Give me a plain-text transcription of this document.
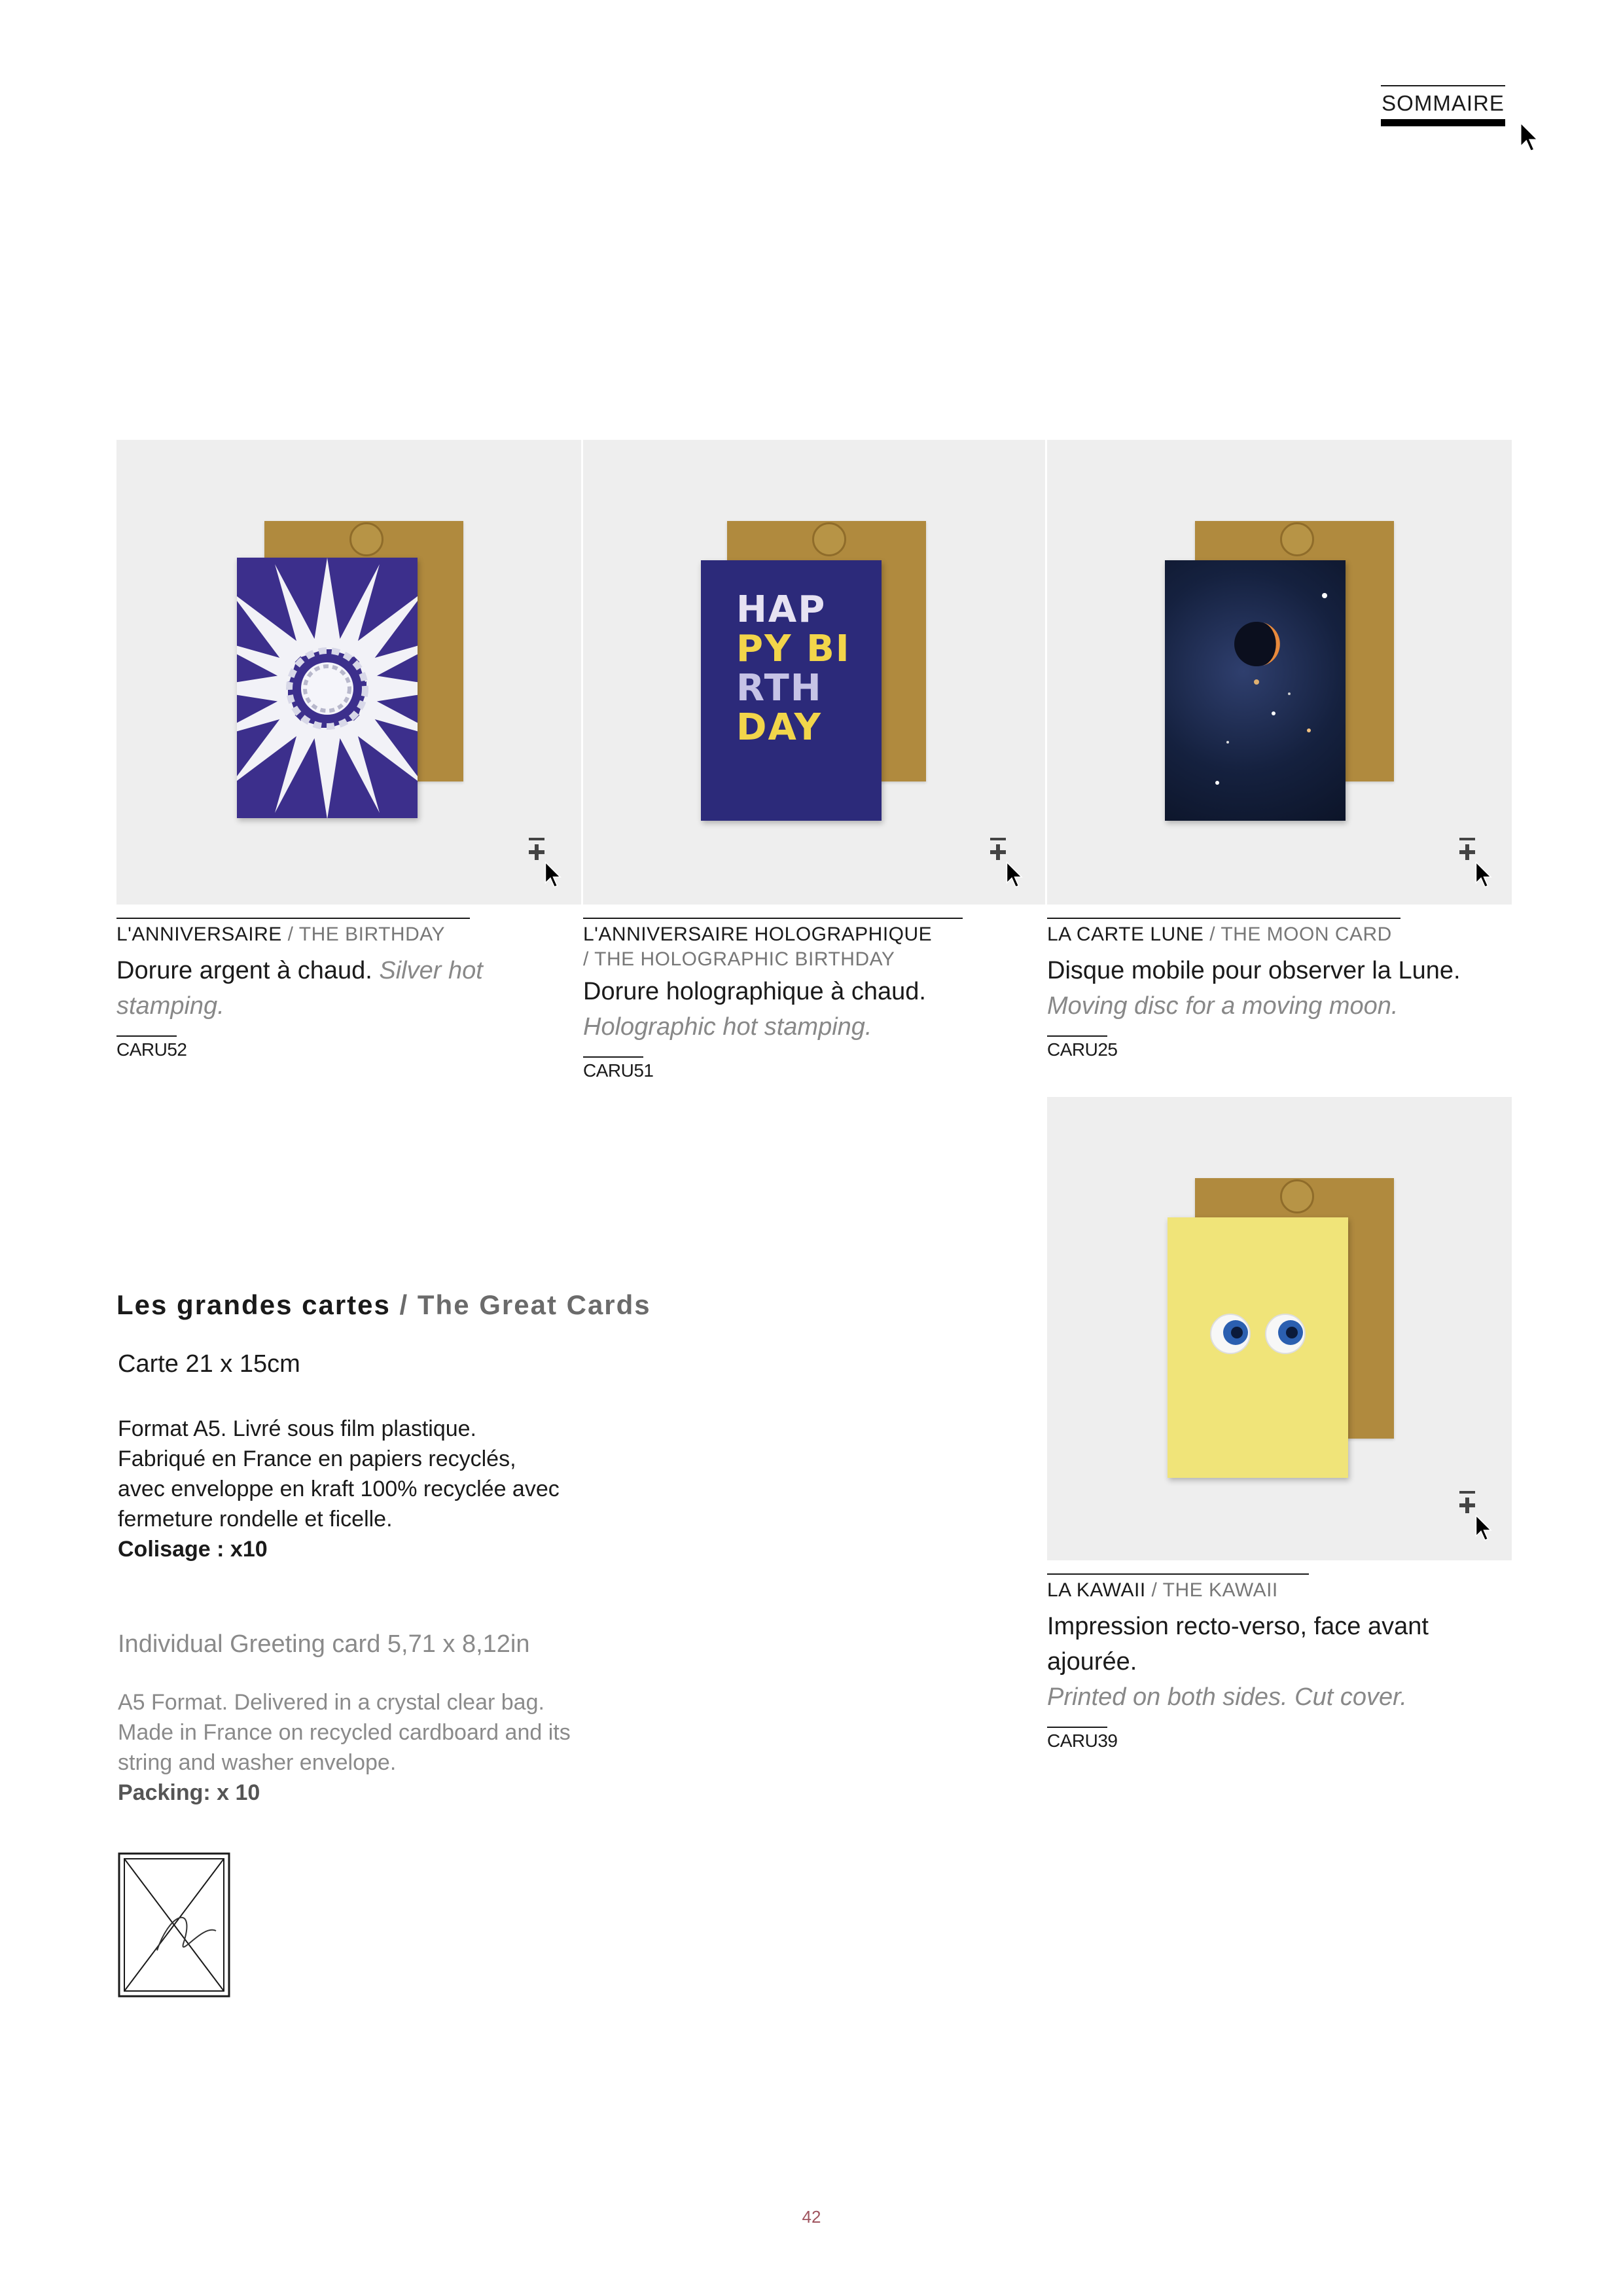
SOMMAIRE
L'ANNIVERSAIRE / THE BIRTHDAY
Dorure argent à chaud. Silver hot stamping.
CARU52
HAP
PY BI
RTH
DAY
L'ANNIVERSAIRE HOLOGRAPHIQUE
/ THE HOLOGRAPHIC BIRTHDAY
Dorure holographique à chaud.
Holographic hot stamping.
CARU51
LA CARTE LUNE / THE MOON CARD
Disque mobile pour observer la Lune.
Moving disc for a moving moon.
CARU25
LA KAWAII / THE KAWAII
Impression recto-verso, face avant ajourée.
Printed on both sides. Cut cover.
CARU39
Les grandes cartes / The Great Cards
Carte 21 x 15cm
Format A5. Livré sous film plastique.
Fabriqué en France en papiers recyclés,
avec enveloppe en kraft 100% recyclée avec
fermeture rondelle et ficelle.
Colisage : x10
Individual Greeting card 5,71 x 8,12in
A5 Format. Delivered in a crystal clear bag.
Made in France on recycled cardboard and its
string and washer envelope.
Packing: x 10
42
